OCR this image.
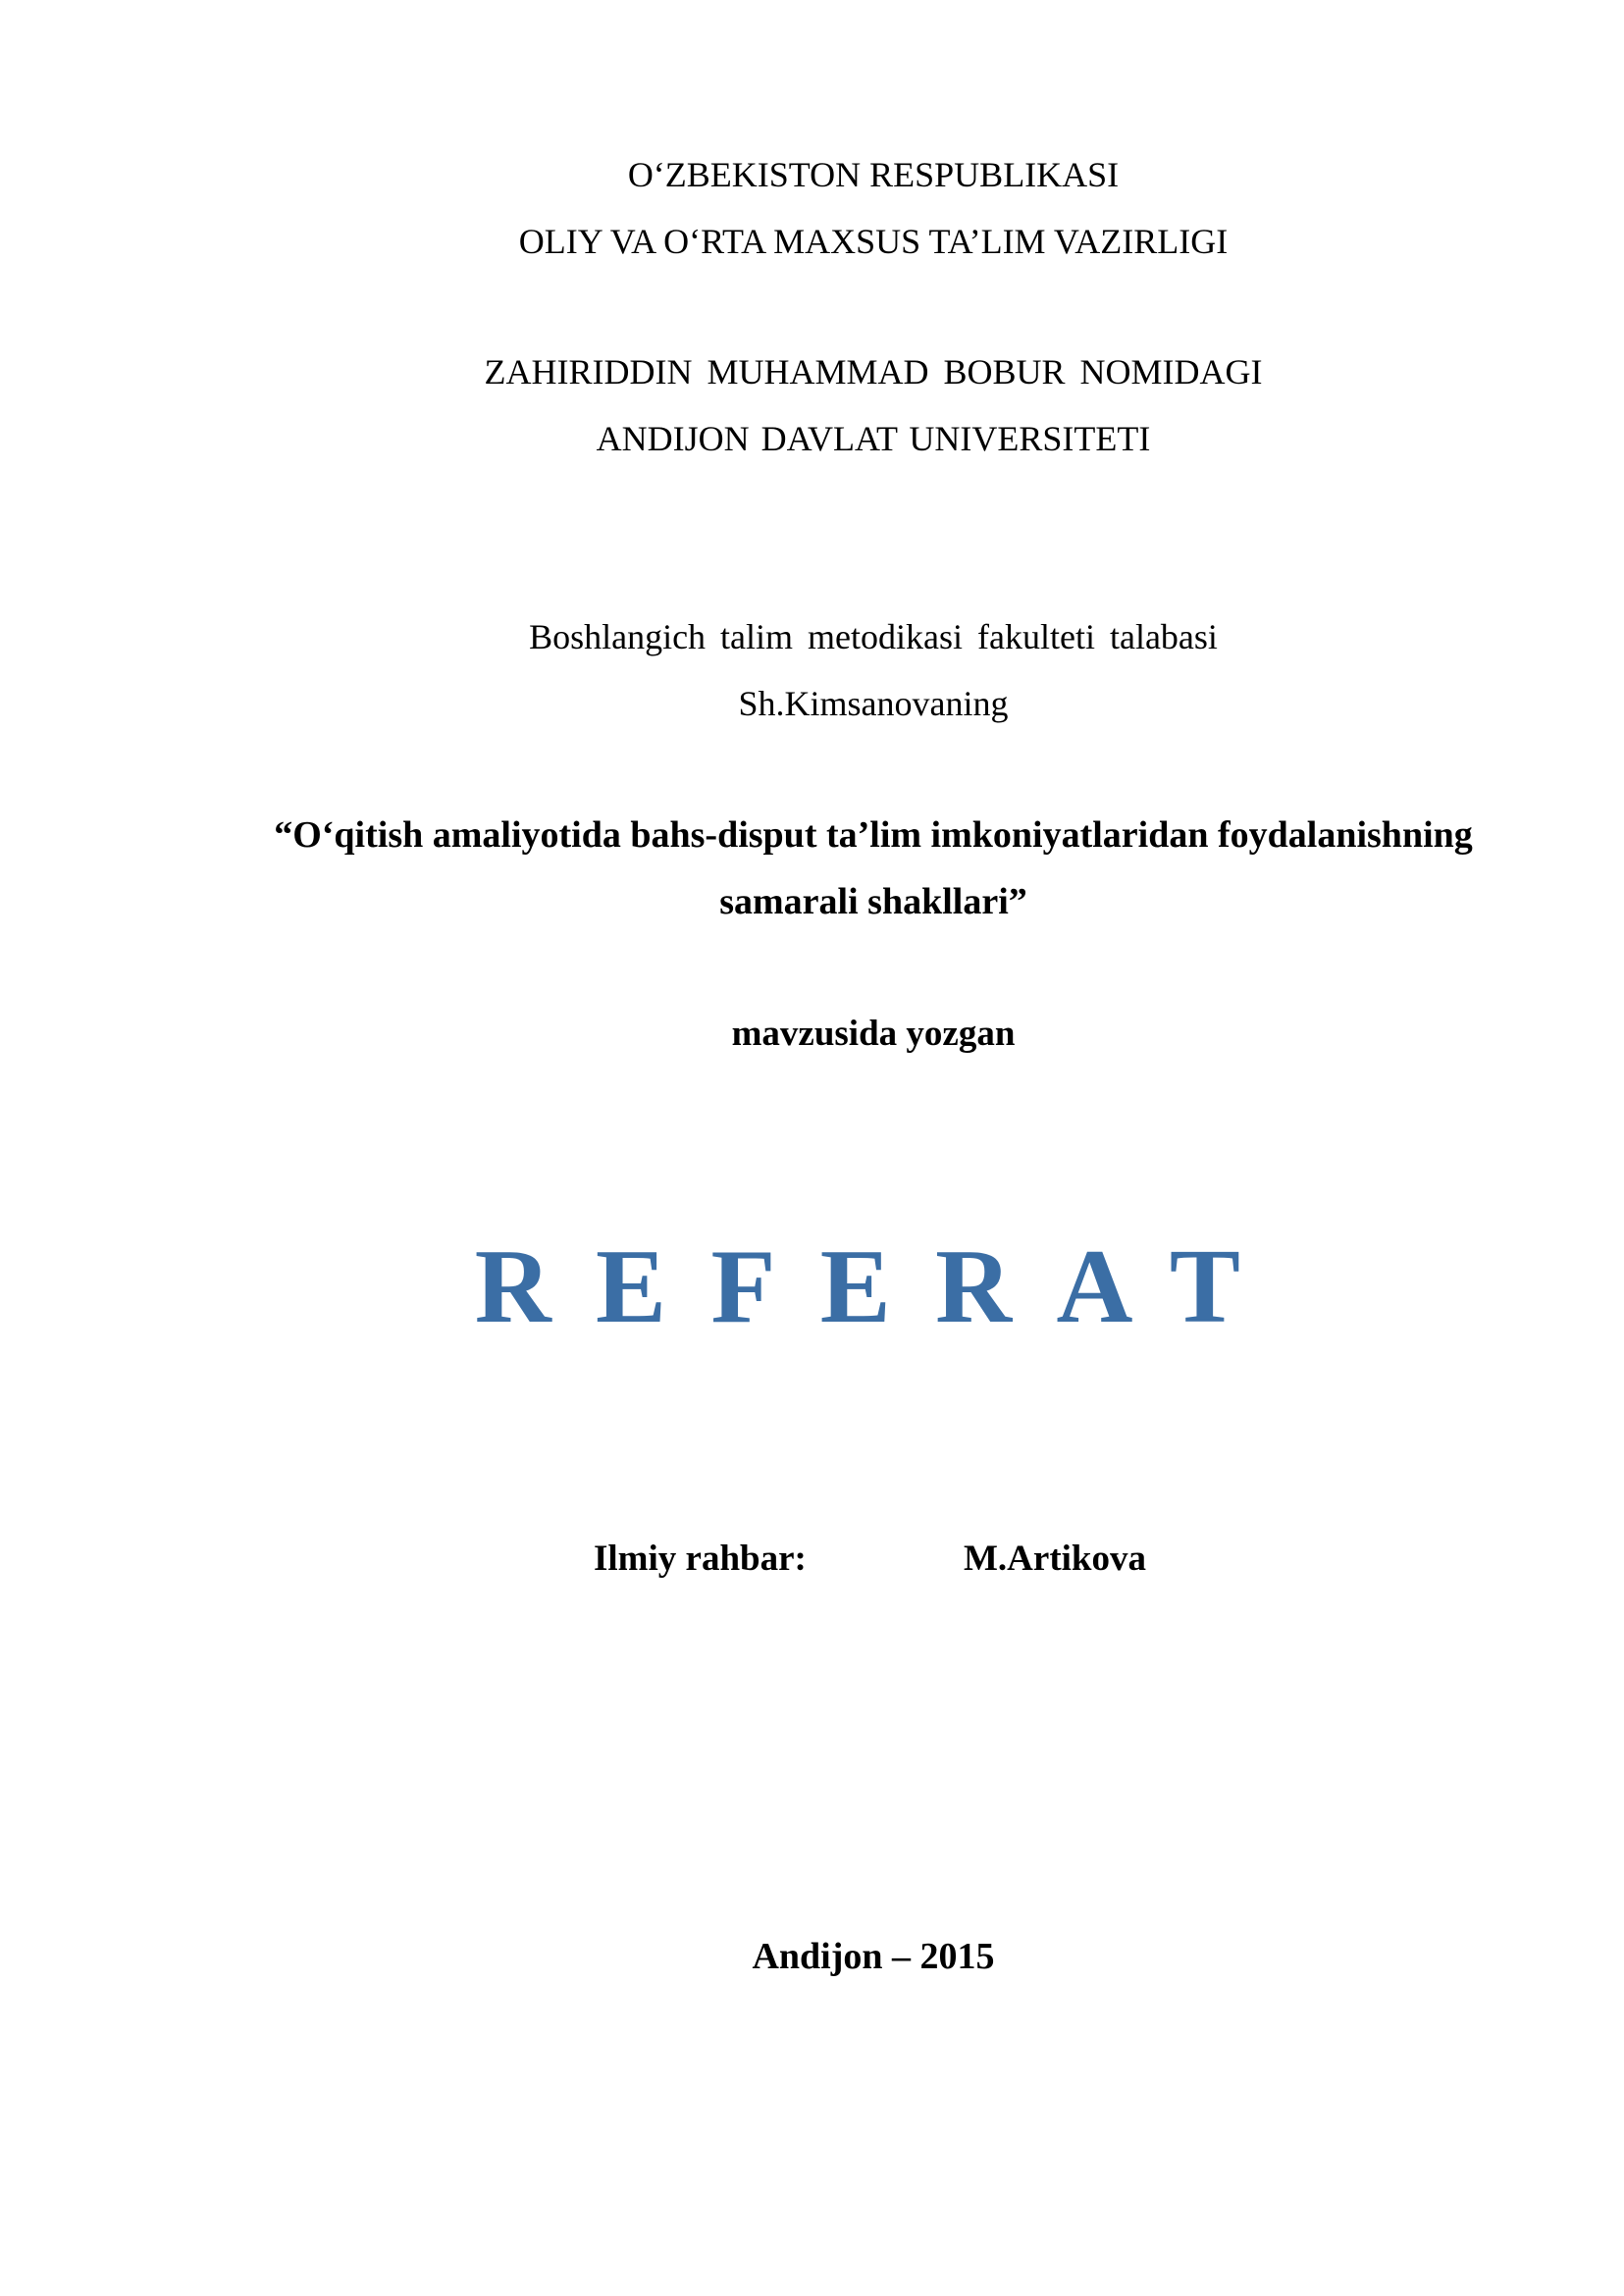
O‘ZBEKISTON RESPUBLIKASI
OLIY VA O‘RTA MAXSUS TA’LIM VAZIRLIGI
ZAHIRIDDIN MUHAMMAD BOBUR NOMIDAGI
ANDIJON DAVLAT UNIVERSITETI
Boshlangich talim metodikasi fakulteti talabasi
Sh.Kimsanovaning
“O‘qitish amaliyotida bahs-disput ta’lim imkoniyatlaridan foydalanishning
samarali shakllari”
mavzusida yozgan
REFERAT
Ilmiy rahbar:	M.Artikova
Andijon – 2015
